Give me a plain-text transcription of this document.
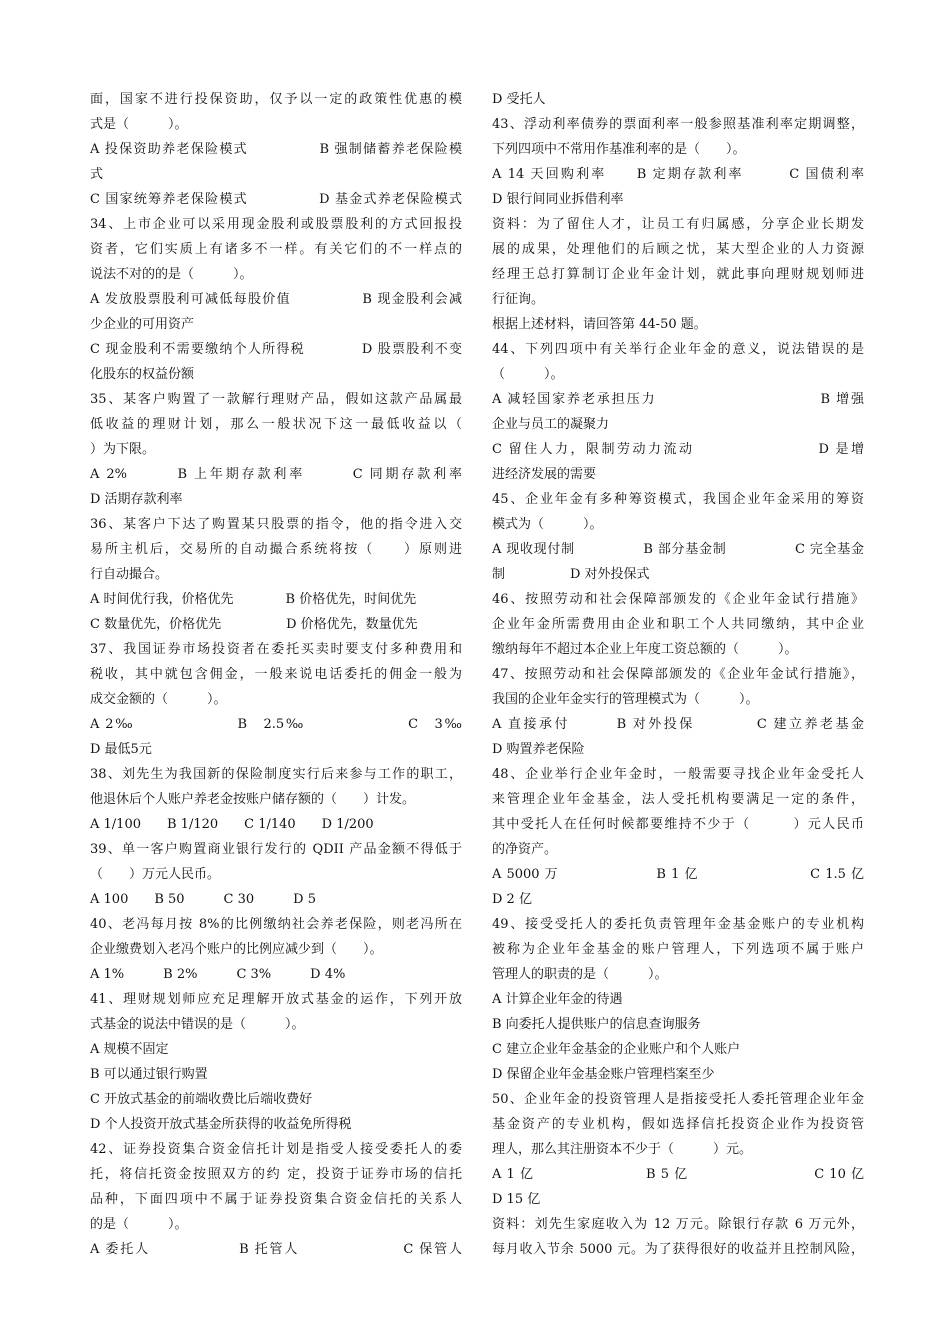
面，国家不进行投保资助，仅予以一定的政策性优惠的模
式是（　　　）。
A 投保资助养老保险模式　　　　　B 强制储蓄养老保险模
式
C 国家统筹养老保险模式　　　　　D 基金式养老保险模式
34、上市企业可以采用现金股利或股票股利的方式回报投
资者，它们实质上有诸多不一样。有关它们的不一样点的
说法不对的的是（　　　）。
A 发放股票股利可减低每股价值　　　　　B 现金股利会减
少企业的可用资产
C 现金股利不需要缴纳个人所得税　　　　D 股票股利不变
化股东的权益份额
35、某客户购置了一款解行理财产品，假如这款产品属最
低收益的理财计划，那么一般状况下这一最低收益以（
）为下限。
A 2%　　　B 上年期存款利率　　　C 同期存款利率
D 活期存款利率
36、某客户下达了购置某只股票的指令，他的指令进入交
易所主机后，交易所的自动撮合系统将按（　　）原则进
行自动撮合。
A 时间优行我，价格优先　　　　B 价格优先，时间优先
C 数量优先，价格优先　　　　　D 价格优先，数量优先
37、我国证券市场投资者在委托买卖时要支付多种费用和
税收，其中就包含佣金，一般来说电话委托的佣金一般为
成交金额的（　　　）。
A 2‰　　　　　　　B　2.5‰　　　　　　　C　3‰
D 最低5元
38、刘先生为我国新的保险制度实行后来参与工作的职工，
他退休后个人账户养老金按账户储存额的（　　）计发。
A 1/100　　B 1/120　　C 1/140　　D 1/200
39、单一客户购置商业银行发行的 QDII 产品金额不得低于
（　　）万元人民币。
A 100　　B 50　　　C 30　　　D 5
40、老冯每月按 8%的比例缴纳社会养老保险，则老冯所在
企业缴费划入老冯个账户的比例应减少到（　　）。
A 1%　　　B 2%　　　C 3%　　　D 4%
41、理财规划师应充足理解开放式基金的运作，下列开放
式基金的说法中错误的是（　　　）。
A 规模不固定
B 可以通过银行购置
C 开放式基金的前端收费比后端收费好
D 个人投资开放式基金所获得的收益免所得税
42、证券投资集合资金信托计划是指受人接受委托人的委
托，将信托资金按照双方的约 定，投资于证券市场的信托
品种，下面四项中不属于证券投资集合资金信托的关系人
的是（　　　）。
A 委托人　　　　　　B 托管人　　　　　　　C 保管人
D 受托人
43、浮动利率债券的票面利率一般参照基准利率定期调整，
下列四项中不常用作基准利率的是（　　）。
A 14 天回购利率　　B 定期存款利率　　　C 国债利率
D 银行间同业拆借利率
资料：为了留住人才，让员工有归属感，分享企业长期发
展的成果，处理他们的后顾之忧，某大型企业的人力资源
经理王总打算制订企业年金计划，就此事向理财规划师进
行征询。
根据上述材料，请回答第 44-50 题。
44、下列四项中有关举行企业年金的意义，说法错误的是
（　　　）。
A 减轻国家养老承担压力　　　　　　　　　　　B 增强
企业与员工的凝聚力
C 留住人力，限制劳动力流动　　　　　　　　D 是增
进经济发展的需要
45、企业年金有多种筹资模式，我国企业年金采用的筹资
模式为（　　　）。
A 现收现付制　　　　　B 部分基金制　　　　　C 完全基金
制　　　　　D 对外投保式
46、按照劳动和社会保障部颁发的《企业年金试行措施》
企业年金所需费用由企业和职工个人共同缴纳，其中企业
缴纳每年不超过本企业上年度工资总额的（　　　）。
47、按照劳动和社会保障部颁发的《企业年金试行措施》，
我国的企业年金实行的管理模式为（　　　）。
A 直接承付　　　B 对外投保　　　　C 建立养老基金
D 购置养老保险
48、企业举行企业年金时，一般需要寻找企业年金受托人
来管理企业年金基金，法人受托机构要满足一定的条件，
其中受托人在任何时候都要维持不少于（　　　）元人民币
的净资产。
A 5000 万　　　　　　　B 1 亿　　　　　　　　C 1.5 亿
D 2 亿
49、接受受托人的委托负责管理年金基金账户的专业机构
被称为企业年金基金的账户管理人，下列选项不属于账户
管理人的职责的是（　　　）。
A 计算企业年金的待遇
B 向委托人提供账户的信息查询服务
C 建立企业年金基金的企业账户和个人账户
D 保留企业年金基金账户管理档案至少
50、企业年金的投资管理人是指接受托人委托管理企业年金
基金资产的专业机构，假如选择信托投资企业作为投资管
理人，那么其注册资本不少于（　　　）元。
A 1 亿　　　　　　　　B 5 亿　　　　　　　　　C 10 亿
D 15 亿
资料：刘先生家庭收入为 12 万元。除银行存款 6 万元外，
每月收入节余 5000 元。为了获得很好的收益并且控制风险，
